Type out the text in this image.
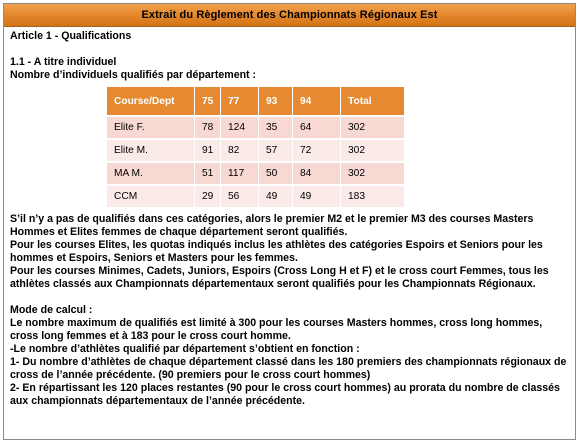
Extrait du Règlement des Championnats Régionaux Est

Article 1 - Qualifications

1.1 - A titre individuel

Nombre d’individuels qualifiés par département :

Course/Dept	75	77	93	94	Total
Elite F.	78	124	35	64	302
Elite M.	91	82	57	72	302
MA M.	51	117	50	84	302
CCM	29	56	49	49	183

S’il n’y a pas de qualifiés dans ces catégories, alors le premier M2 et le premier M3 des courses Masters Hommes et Elites femmes de chaque département seront qualifiés.

Pour les courses Elites, les quotas indiqués inclus les athlètes des catégories Espoirs et Seniors pour les hommes et Espoirs, Seniors et Masters pour les femmes.

Pour les courses Minimes, Cadets, Juniors, Espoirs (Cross Long H et F) et le cross court Femmes, tous les athlètes classés aux Championnats départementaux seront qualifiés pour les Championnats Régionaux.

Mode de calcul :

Le nombre maximum de qualifiés est limité à 300 pour les courses Masters hommes, cross long hommes, cross long femmes et à 183 pour le cross court homme.

-Le nombre d’athlètes qualifié par département s’obtient en fonction :

1- Du nombre d’athlètes de chaque département classé dans les 180 premiers des championnats régionaux de cross de l’année précédente. (90 premiers pour le cross court hommes)

2- En répartissant les 120 places restantes (90 pour le cross court hommes) au prorata du nombre de classés aux championnats départementaux de l’année précédente.
